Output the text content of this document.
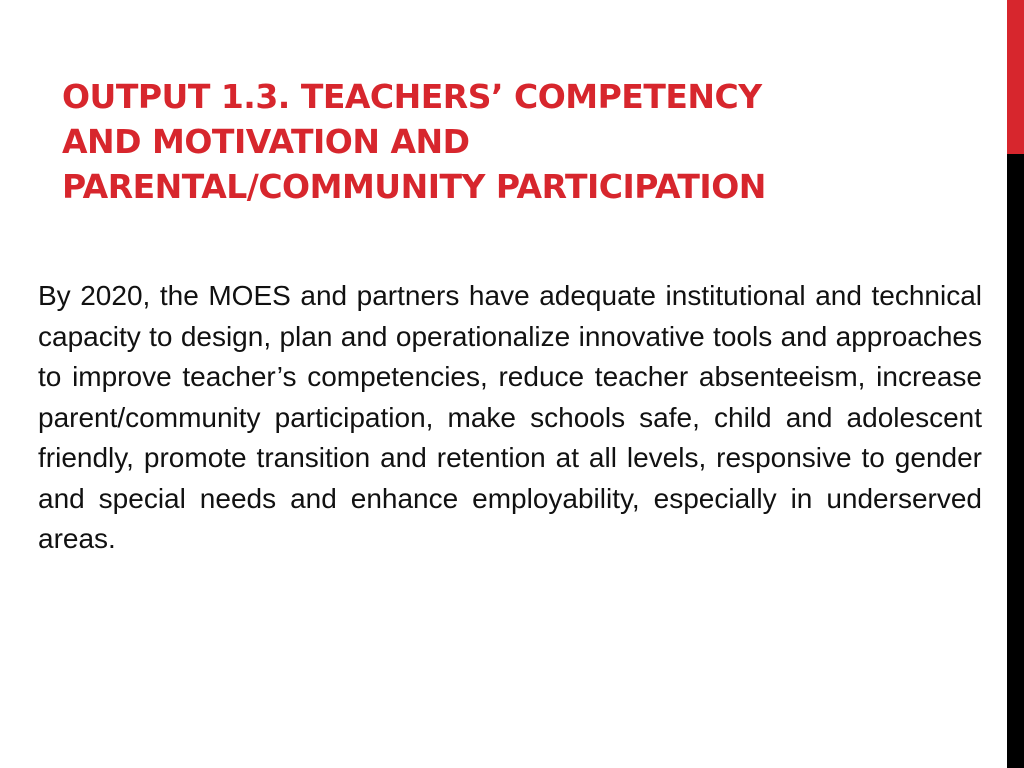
OUTPUT 1.3. TEACHERS’ COMPETENCY
AND MOTIVATION AND
PARENTAL/COMMUNITY PARTICIPATION

By 2020, the MOES and partners have adequate institutional and technical capacity to design, plan and operationalize innovative tools and approaches to improve teacher’s competencies, reduce teacher absenteeism, increase parent/community participation, make schools safe, child and adolescent friendly, promote transition and retention at all levels, responsive to gender and special needs and enhance employability, especially in underserved areas.
